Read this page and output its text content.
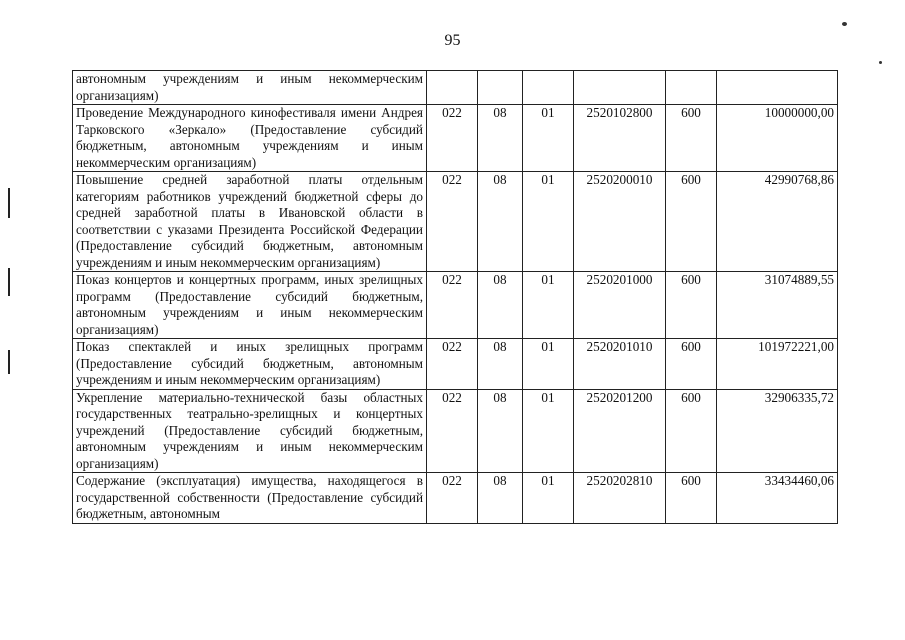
95
автономным учреждениям и иным некоммерческим организациям)						
Проведение Международного кинофестиваля имени Андрея Тарковского «Зеркало» (Предоставление субсидий бюджетным, автономным учреждениям и иным некоммерческим организациям)	022	08	01	2520102800	600	10000000,00
Повышение средней заработной платы отдельным категориям работников учреждений бюджетной сферы до средней заработной платы в Ивановской области в соответствии с указами Президента Российской Федерации (Предоставление субсидий бюджетным, автономным учреждениям и иным некоммерческим организациям)	022	08	01	2520200010	600	42990768,86
Показ концертов и концертных программ, иных зрелищных программ (Предоставление субсидий бюджетным, автономным учреждениям и иным некоммерческим организациям)	022	08	01	2520201000	600	31074889,55
Показ спектаклей и иных зрелищных программ (Предоставление субсидий бюджетным, автономным учреждениям и иным некоммерческим организациям)	022	08	01	2520201010	600	101972221,00
Укрепление материально-технической базы областных государственных театрально-зрелищных и концертных учреждений (Предоставление субсидий бюджетным, автономным учреждениям и иным некоммерческим организациям)	022	08	01	2520201200	600	32906335,72
Содержание (эксплуатация) имущества, находящегося в государственной собственности (Предоставление субсидий бюджетным, автономным	022	08	01	2520202810	600	33434460,06
